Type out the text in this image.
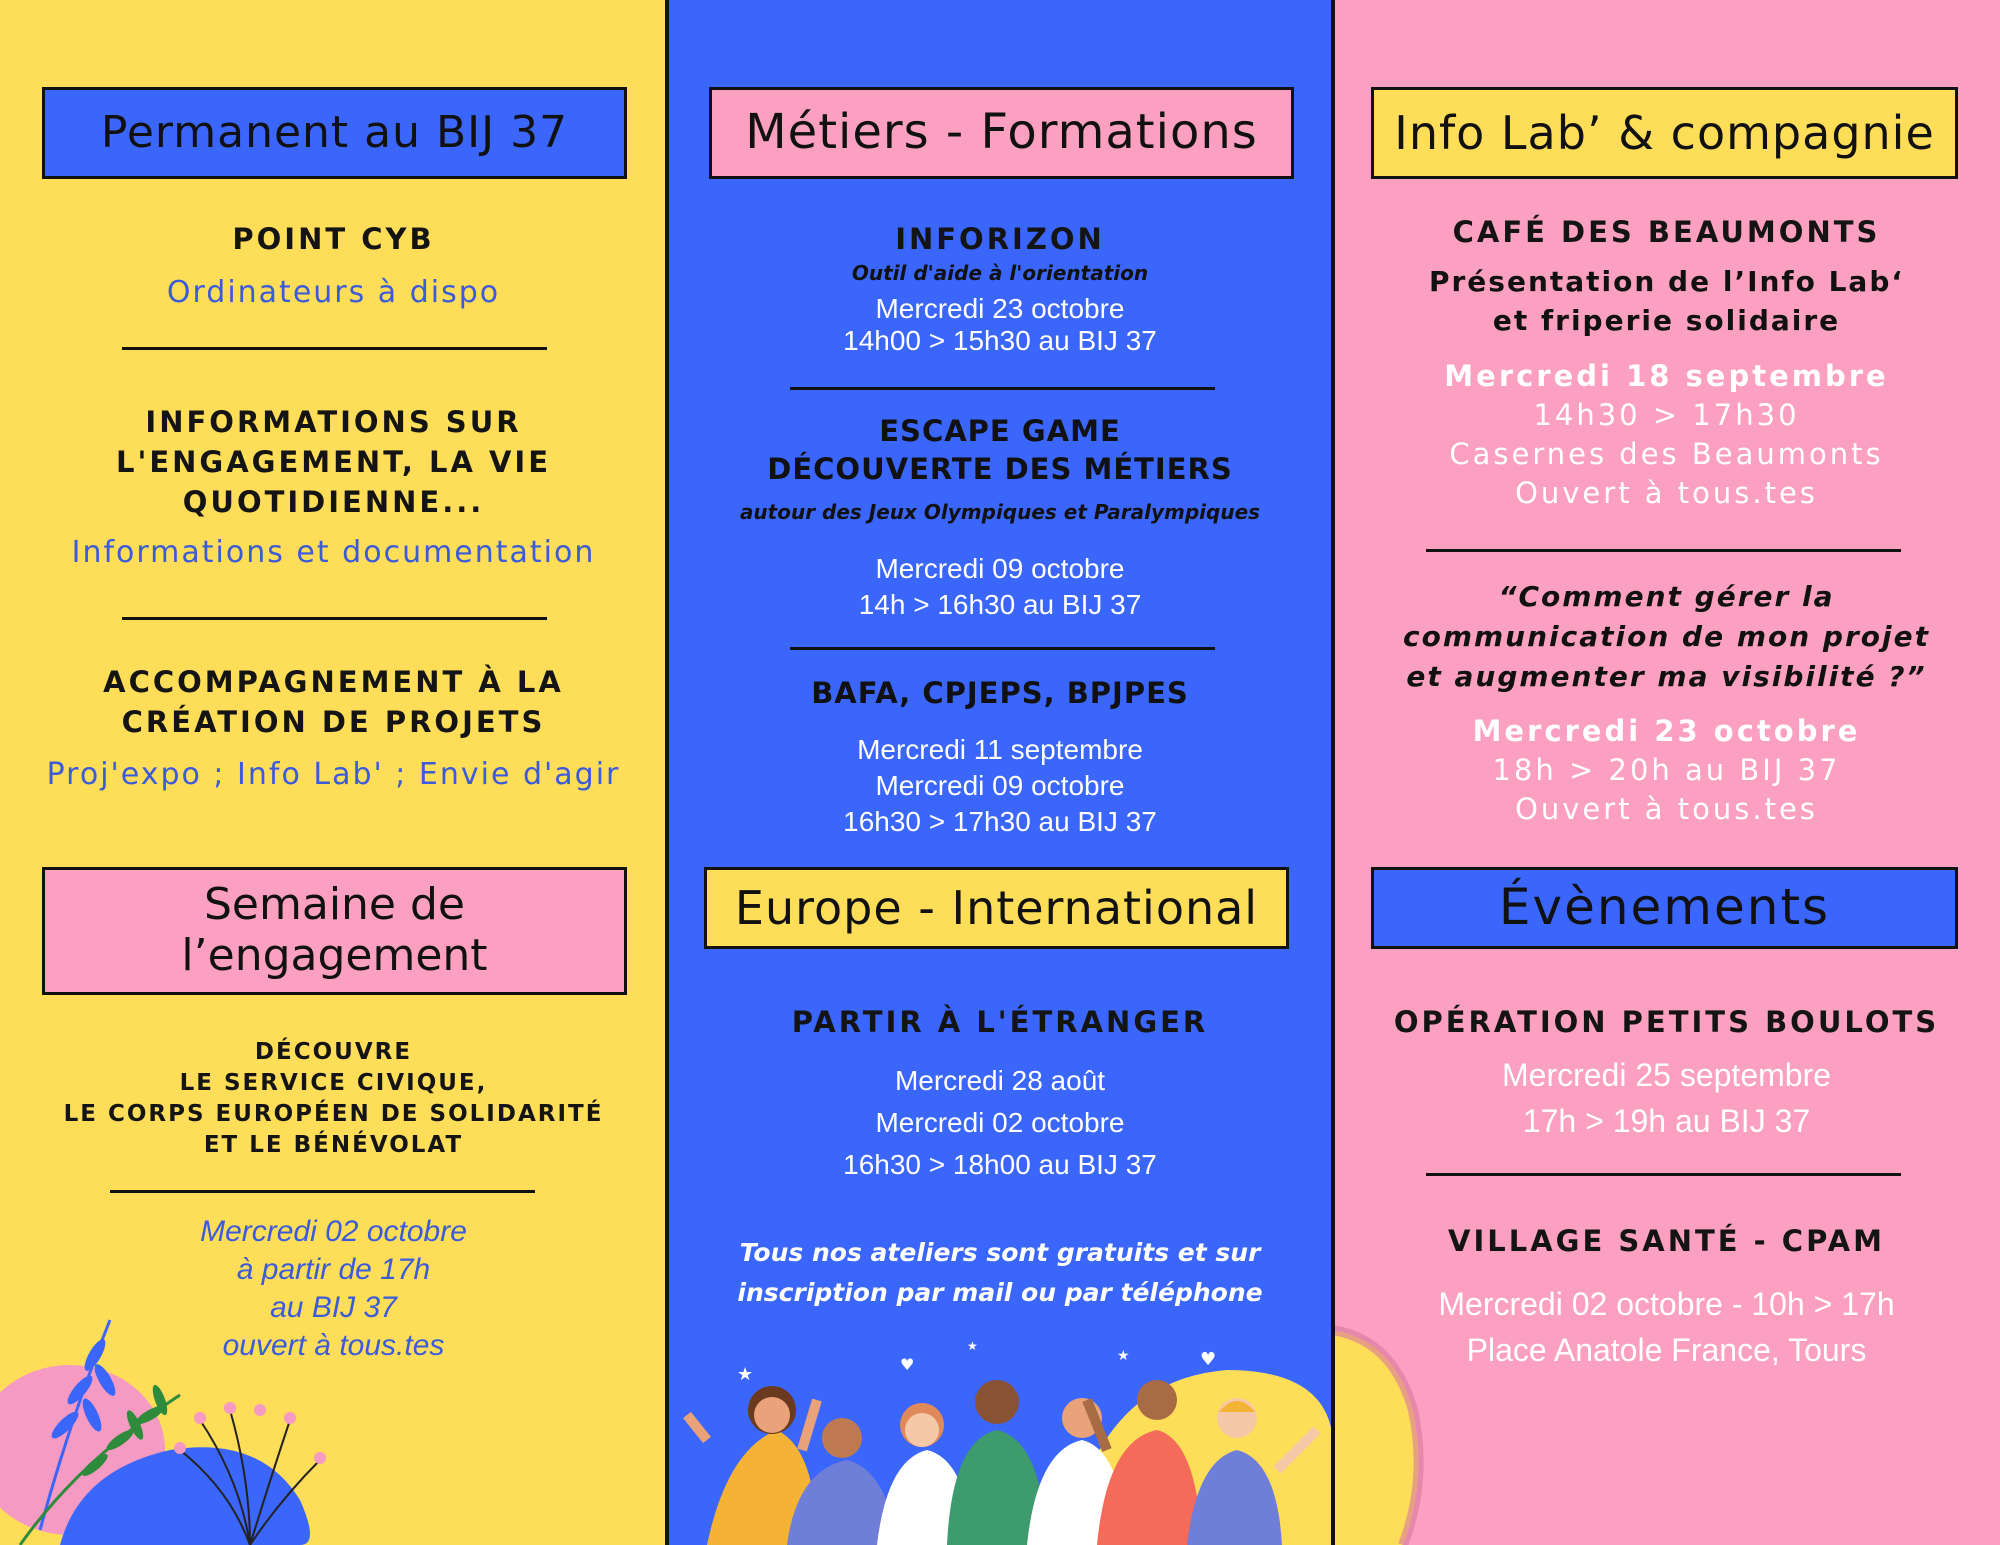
Permanent au BIJ 37
POINT CYB
Ordinateurs à dispo
INFORMATIONS SUR
L'ENGAGEMENT, LA VIE
QUOTIDIENNE...
Informations et documentation
ACCOMPAGNEMENT À LA
CRÉATION DE PROJETS
Proj'expo ; Info Lab' ; Envie d'agir
Semaine de
l’engagement
DÉCOUVRE
LE SERVICE CIVIQUE,
LE CORPS EUROPÉEN DE SOLIDARITÉ
ET LE BÉNÉVOLAT
Mercredi 02 octobre
à partir de 17h
au BIJ 37
ouvert à tous.tes
Métiers - Formations
INFORIZON
Outil d'aide à l'orientation
Mercredi 23 octobre
14h00 > 15h30 au BIJ 37
ESCAPE GAME
DÉCOUVERTE DES MÉTIERS
autour des Jeux Olympiques et Paralympiques
Mercredi 09 octobre
14h > 16h30 au BIJ 37
BAFA, CPJEPS, BPJPES
Mercredi 11 septembre
Mercredi 09 octobre
16h30 > 17h30 au BIJ 37
Europe - International
PARTIR À L'ÉTRANGER
Mercredi 28 août
Mercredi 02 octobre
16h30 > 18h00 au BIJ 37
Tous nos ateliers sont gratuits et sur
inscription par mail ou par téléphone
★	♥	★	♥
★
Info Lab’ & compagnie
CAFÉ DES BEAUMONTS
Présentation de l’Info Lab‘
et friperie solidaire
Mercredi 18 septembre
14h30 > 17h30
Casernes des Beaumonts
Ouvert à tous.tes
“Comment gérer la
communication de mon projet
et augmenter ma visibilité ?”
Mercredi 23 octobre
18h > 20h au BIJ 37
Ouvert à tous.tes
Évènements
OPÉRATION PETITS BOULOTS
Mercredi 25 septembre
17h > 19h au BIJ 37
VILLAGE SANTÉ - CPAM
Mercredi 02 octobre - 10h > 17h
Place Anatole France, Tours
